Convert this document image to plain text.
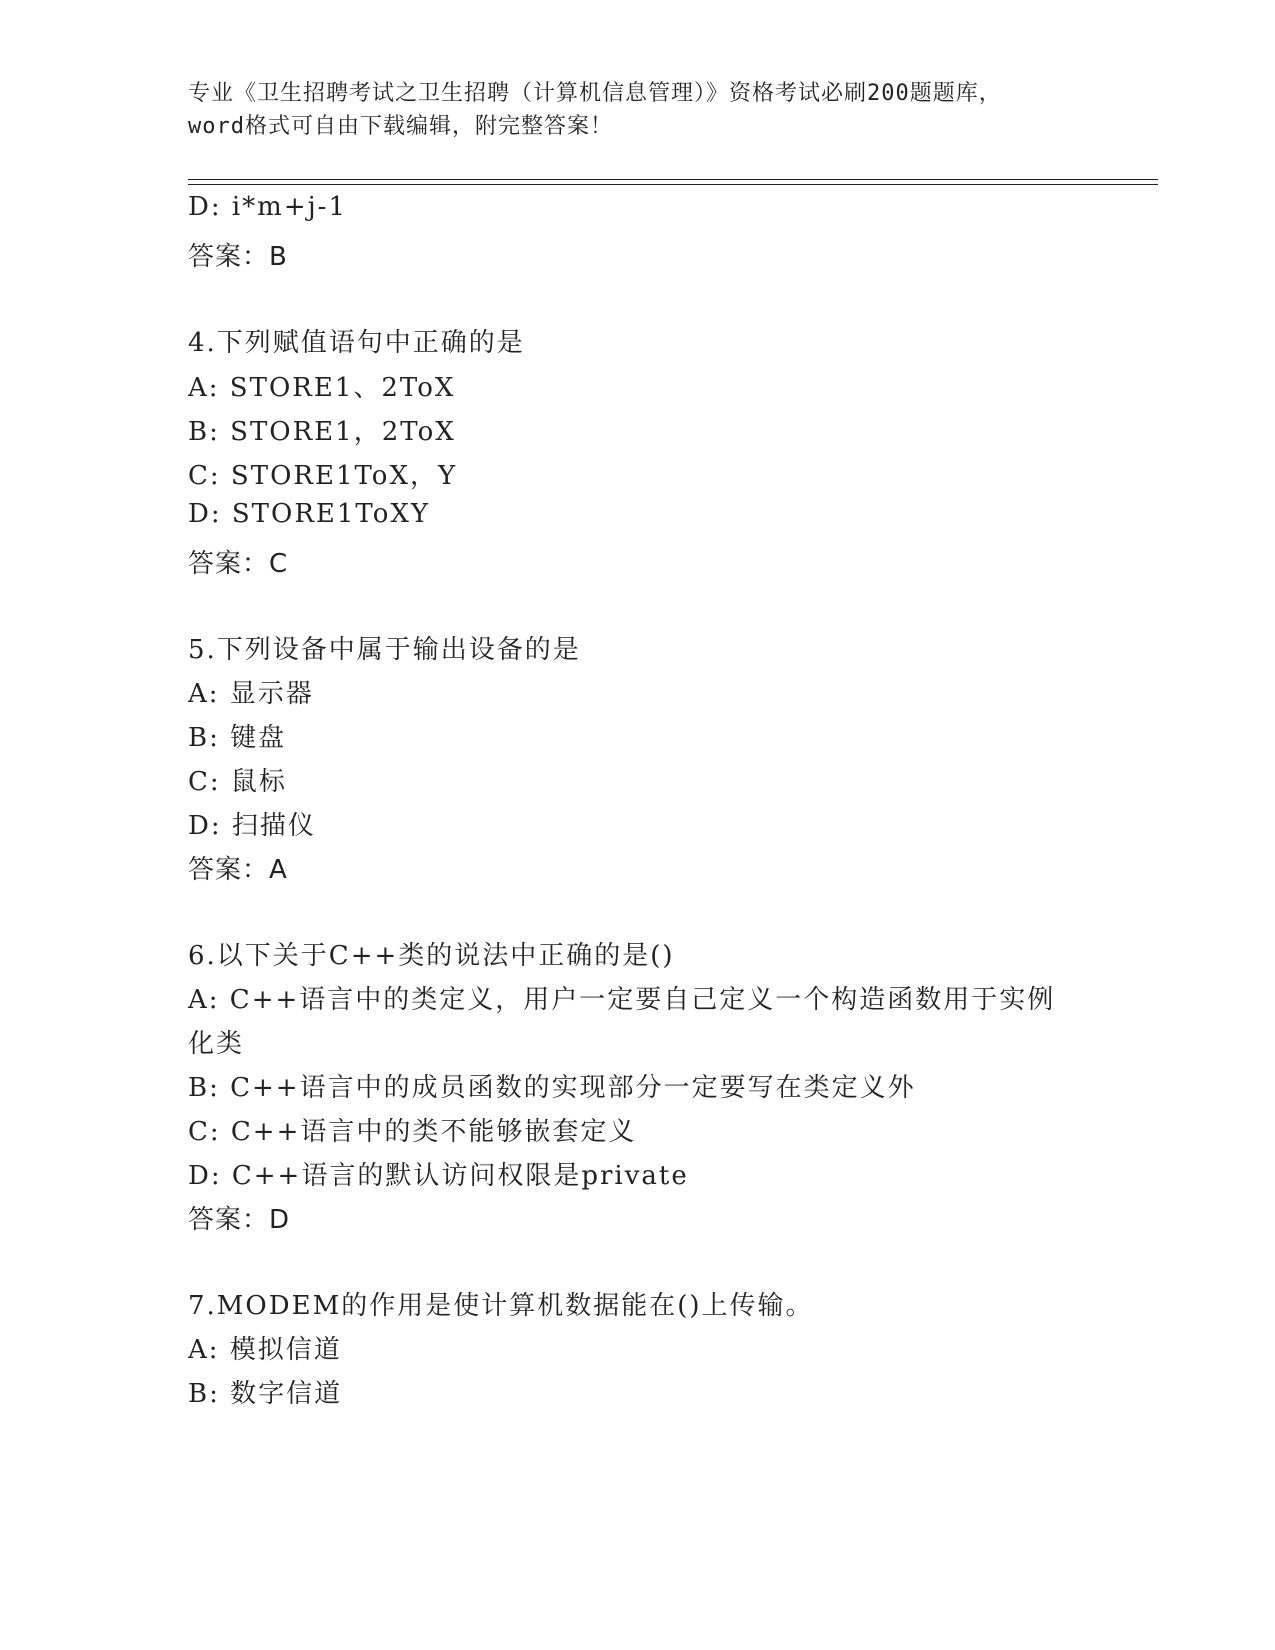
专业《卫生招聘考试之卫生招聘（计算机信息管理）》资格考试必刷200题题库，
word格式可自由下载编辑，附完整答案！
D: i*m+j-1
答案：B
4.下列赋值语句中正确的是
A: STORE1、2ToX
B: STORE1，2ToX
C: STORE1ToX，Y
D: STORE1ToXY
答案：C
5.下列设备中属于输出设备的是
A: 显示器
B: 键盘
C: 鼠标
D: 扫描仪
答案：A
6.以下关于C++类的说法中正确的是()
A: C++语言中的类定义，用户一定要自己定义一个构造函数用于实例
化类
B: C++语言中的成员函数的实现部分一定要写在类定义外
C: C++语言中的类不能够嵌套定义
D: C++语言的默认访问权限是private
答案：D
7.MODEM的作用是使计算机数据能在()上传输。
A: 模拟信道
B: 数字信道
